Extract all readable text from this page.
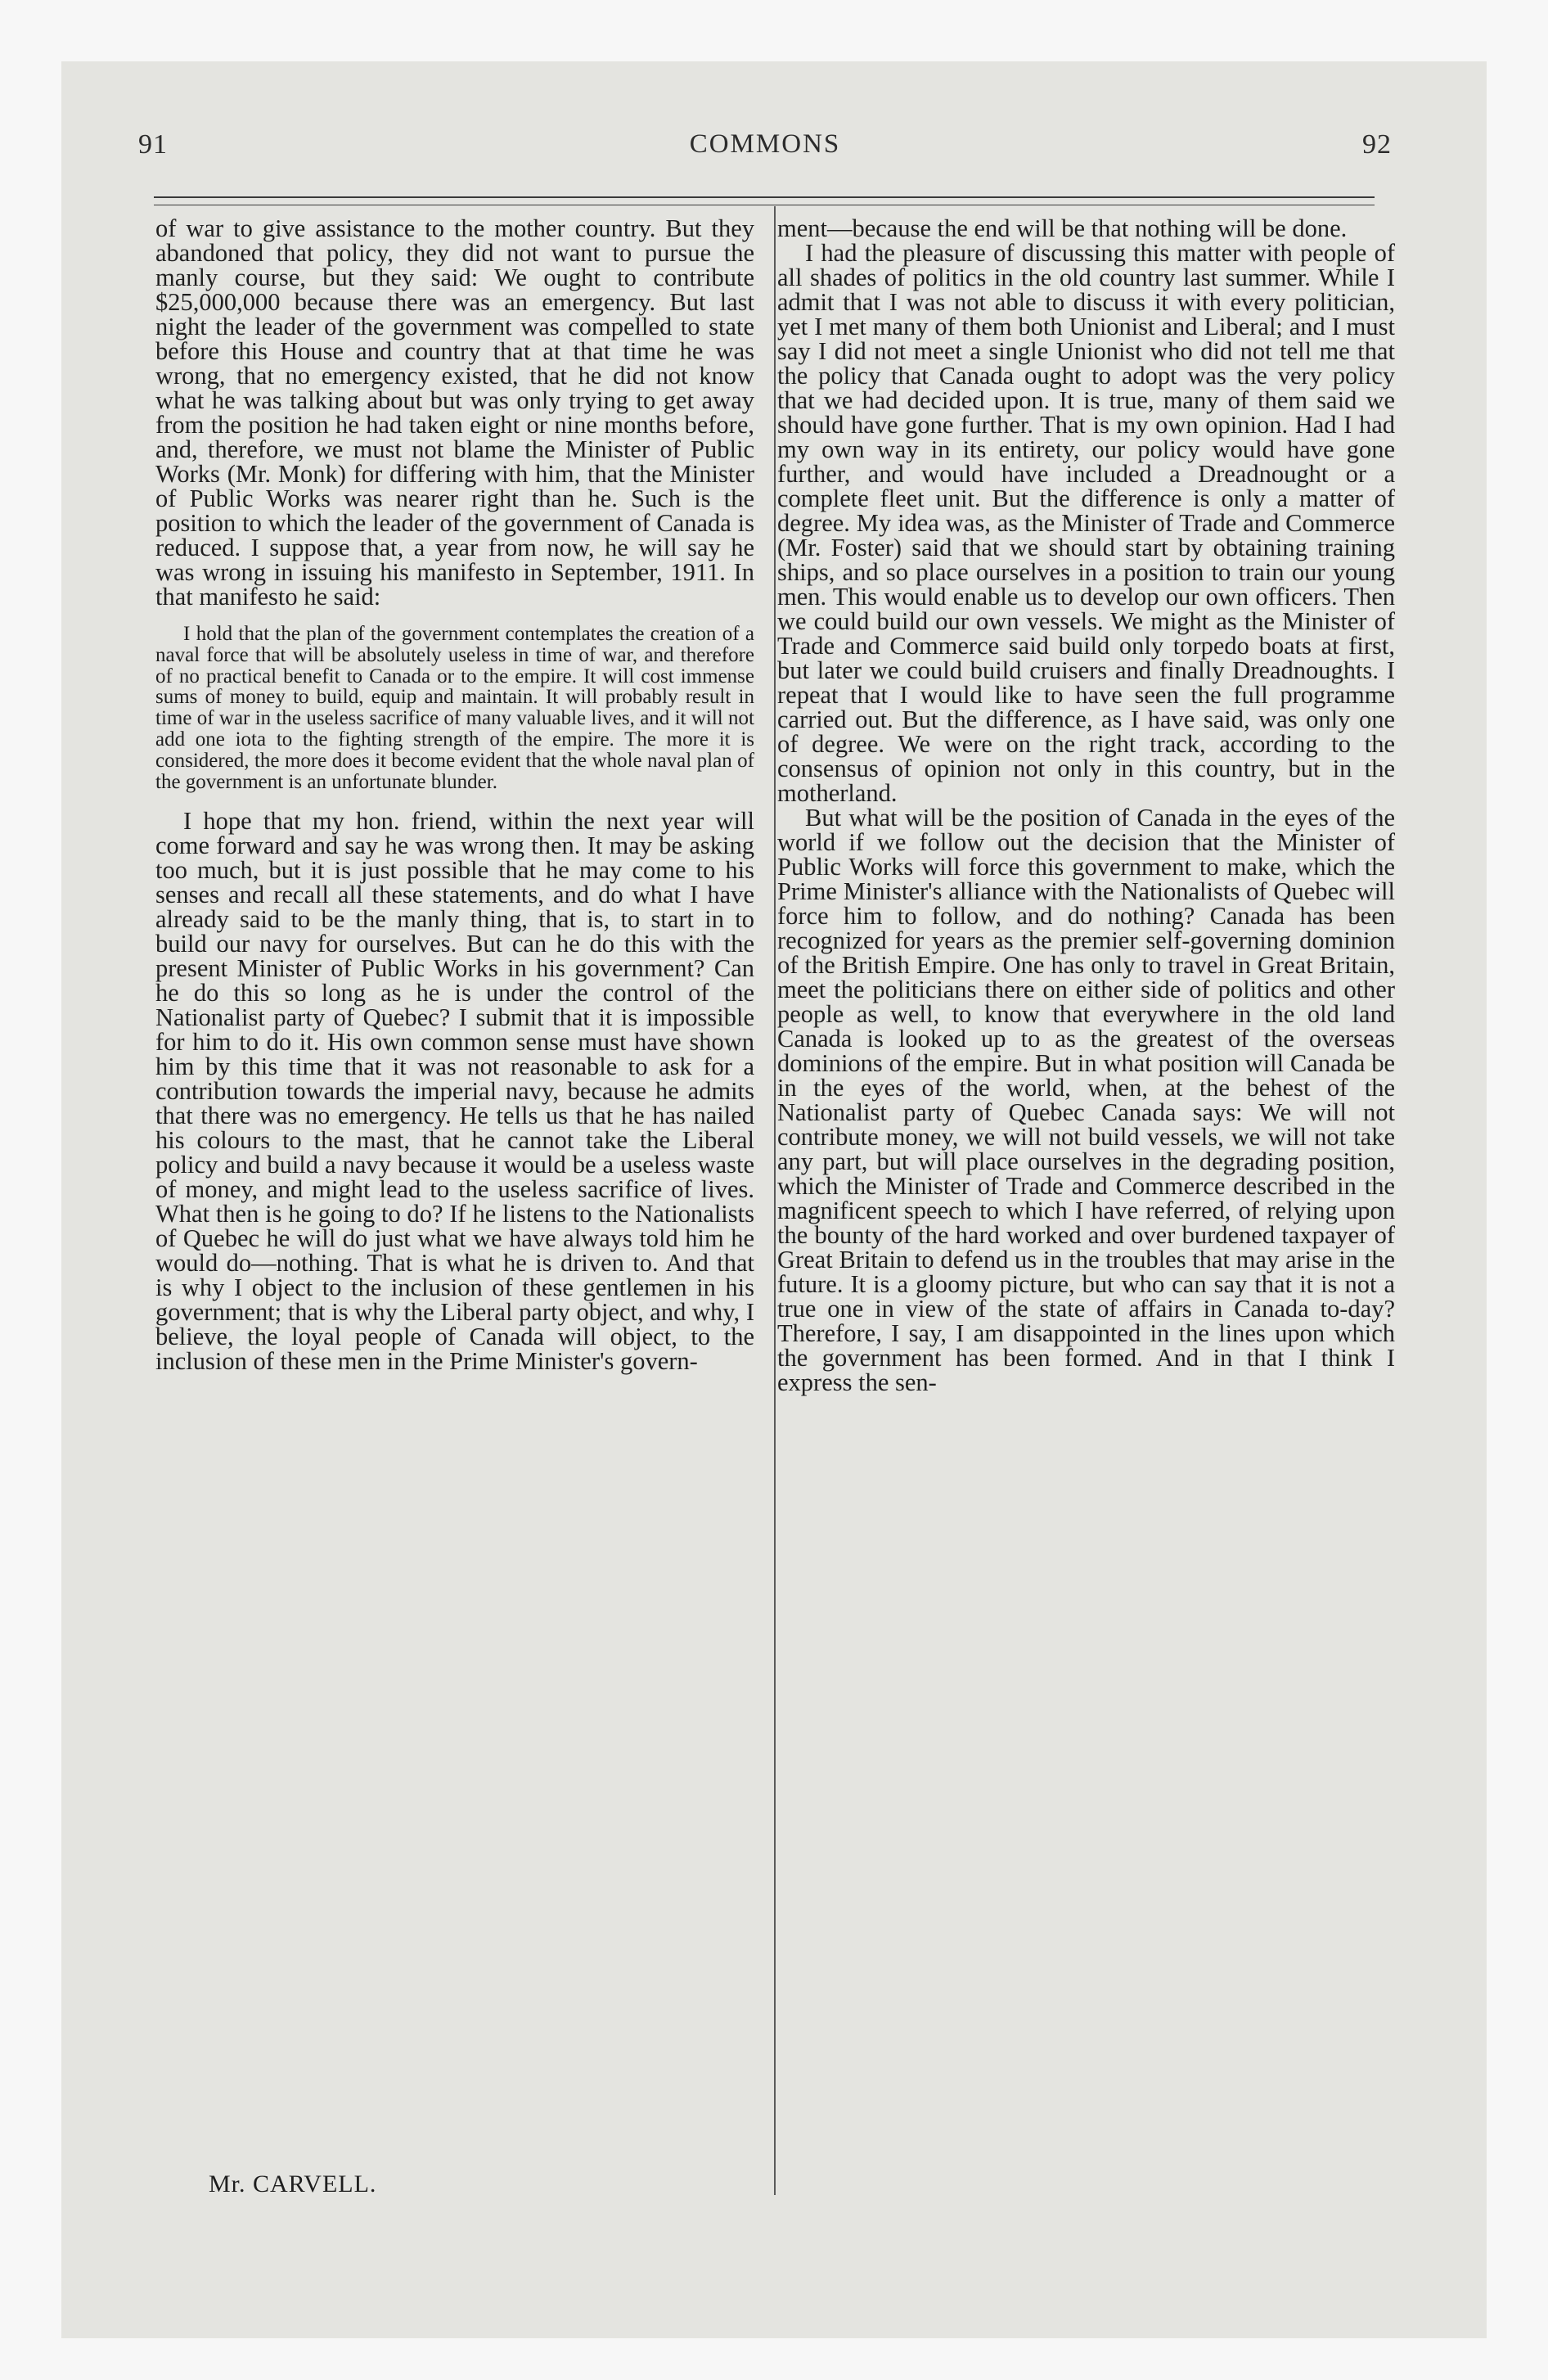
91	COMMONS	92

of war to give assistance to the mother country. But they abandoned that policy, they did not want to pursue the manly course, but they said: We ought to contribute $25,000,000 because there was an emergency. But last night the leader of the government was compelled to state before this House and country that at that time he was wrong, that no emergency existed, that he did not know what he was talking about but was only trying to get away from the position he had taken eight or nine months before, and, therefore, we must not blame the Minister of Public Works (Mr. Monk) for differing with him, that the Minister of Public Works was nearer right than he. Such is the position to which the leader of the government of Canada is reduced. I suppose that, a year from now, he will say he was wrong in issuing his manifesto in September, 1911. In that manifesto he said:

I hold that the plan of the government contemplates the creation of a naval force that will be absolutely useless in time of war, and therefore of no practical benefit to Canada or to the empire. It will cost immense sums of money to build, equip and maintain. It will probably result in time of war in the useless sacrifice of many valuable lives, and it will not add one iota to the fighting strength of the empire. The more it is considered, the more does it become evident that the whole naval plan of the government is an unfortunate blunder.

I hope that my hon. friend, within the next year will come forward and say he was wrong then. It may be asking too much, but it is just possible that he may come to his senses and recall all these statements, and do what I have already said to be the manly thing, that is, to start in to build our navy for ourselves. But can he do this with the present Minister of Public Works in his government? Can he do this so long as he is under the control of the Nationalist party of Quebec? I submit that it is impossible for him to do it. His own common sense must have shown him by this time that it was not reasonable to ask for a contribution towards the imperial navy, because he admits that there was no emergency. He tells us that he has nailed his colours to the mast, that he cannot take the Liberal policy and build a navy because it would be a useless waste of money, and might lead to the useless sacrifice of lives. What then is he going to do? If he listens to the Nationalists of Quebec he will do just what we have always told him he would do—nothing. That is what he is driven to. And that is why I object to the inclusion of these gentlemen in his government; that is why the Liberal party object, and why, I believe, the loyal people of Canada will object, to the inclusion of these men in the Prime Minister's govern-

ment—because the end will be that nothing will be done.

I had the pleasure of discussing this matter with people of all shades of politics in the old country last summer. While I admit that I was not able to discuss it with every politician, yet I met many of them both Unionist and Liberal; and I must say I did not meet a single Unionist who did not tell me that the policy that Canada ought to adopt was the very policy that we had decided upon. It is true, many of them said we should have gone further. That is my own opinion. Had I had my own way in its entirety, our policy would have gone further, and would have included a Dreadnought or a complete fleet unit. But the difference is only a matter of degree. My idea was, as the Minister of Trade and Commerce (Mr. Foster) said that we should start by obtaining training ships, and so place ourselves in a position to train our young men. This would enable us to develop our own officers. Then we could build our own vessels. We might as the Minister of Trade and Commerce said build only torpedo boats at first, but later we could build cruisers and finally Dreadnoughts. I repeat that I would like to have seen the full programme carried out. But the difference, as I have said, was only one of degree. We were on the right track, according to the consensus of opinion not only in this country, but in the motherland.

But what will be the position of Canada in the eyes of the world if we follow out the decision that the Minister of Public Works will force this government to make, which the Prime Minister's alliance with the Nationalists of Quebec will force him to follow, and do nothing? Canada has been recognized for years as the premier self-governing dominion of the British Empire. One has only to travel in Great Britain, meet the politicians there on either side of politics and other people as well, to know that everywhere in the old land Canada is looked up to as the greatest of the overseas dominions of the empire. But in what position will Canada be in the eyes of the world, when, at the behest of the Nationalist party of Quebec Canada says: We will not contribute money, we will not build vessels, we will not take any part, but will place ourselves in the degrading position, which the Minister of Trade and Commerce described in the magnificent speech to which I have referred, of relying upon the bounty of the hard worked and over burdened taxpayer of Great Britain to defend us in the troubles that may arise in the future. It is a gloomy picture, but who can say that it is not a true one in view of the state of affairs in Canada to-day? Therefore, I say, I am disappointed in the lines upon which the government has been formed. And in that I think I express the sen-

Mr. CARVELL.
